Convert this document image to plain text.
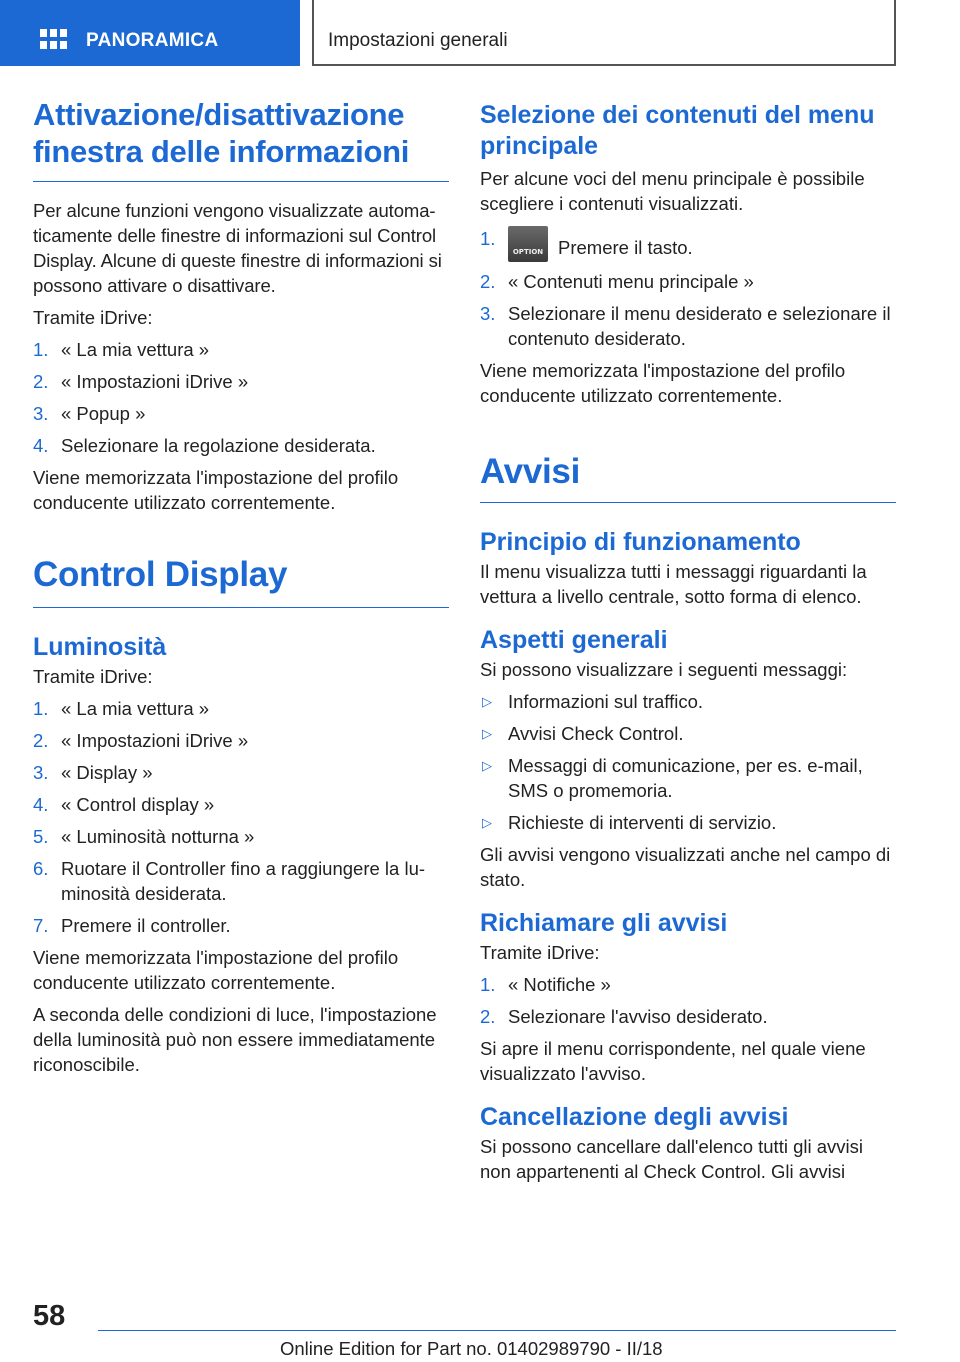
PANORAMICA	Impostazioni generali
Attivazione/disattivazione finestra delle informazioni

Per alcune funzioni vengono visualizzate automaticamente delle finestre di informazioni sul Control Display. Alcune di queste finestre di informazioni si possono attivare o disattivare.

Tramite iDrive:

1. « La mia vettura »
2. « Impostazioni iDrive »
3. « Popup »
4. Selezionare la regolazione desiderata.

Viene memorizzata l'impostazione del profilo conducente utilizzato correntemente.

Control Display
Luminosità

Tramite iDrive:

1. « La mia vettura »
2. « Impostazioni iDrive »
3. « Display »
4. « Control display »
5. « Luminosità notturna »
6. Ruotare il Controller fino a raggiungere la luminosità desiderata.
7. Premere il controller.

Viene memorizzata l'impostazione del profilo conducente utilizzato correntemente.

A seconda delle condizioni di luce, l'impostazione della luminosità può non essere immediatamente riconoscibile.

Selezione dei contenuti del menu principale

Per alcune voci del menu principale è possibile scegliere i contenuti visualizzati.

1.
OPTION Premere il tasto.
2. « Contenuti menu principale »
3. Selezionare il menu desiderato e selezionare il contenuto desiderato.

Viene memorizzata l'impostazione del profilo conducente utilizzato correntemente.

Avvisi
Principio di funzionamento

Il menu visualizza tutti i messaggi riguardanti la vettura a livello centrale, sotto forma di elenco.

Aspetti generali

Si possono visualizzare i seguenti messaggi:

▷ Informazioni sul traffico.
▷ Avvisi Check Control.
▷ Messaggi di comunicazione, per es. e-mail, SMS o promemoria.
▷ Richieste di interventi di servizio.

Gli avvisi vengono visualizzati anche nel campo di stato.

Richiamare gli avvisi

Tramite iDrive:

1. « Notifiche »
2. Selezionare l'avviso desiderato.

Si apre il menu corrispondente, nel quale viene visualizzato l'avviso.

Cancellazione degli avvisi

Si possono cancellare dall'elenco tutti gli avvisi non appartenenti al Check Control. Gli avvisi

58
Online Edition for Part no. 01402989790 - II/18
